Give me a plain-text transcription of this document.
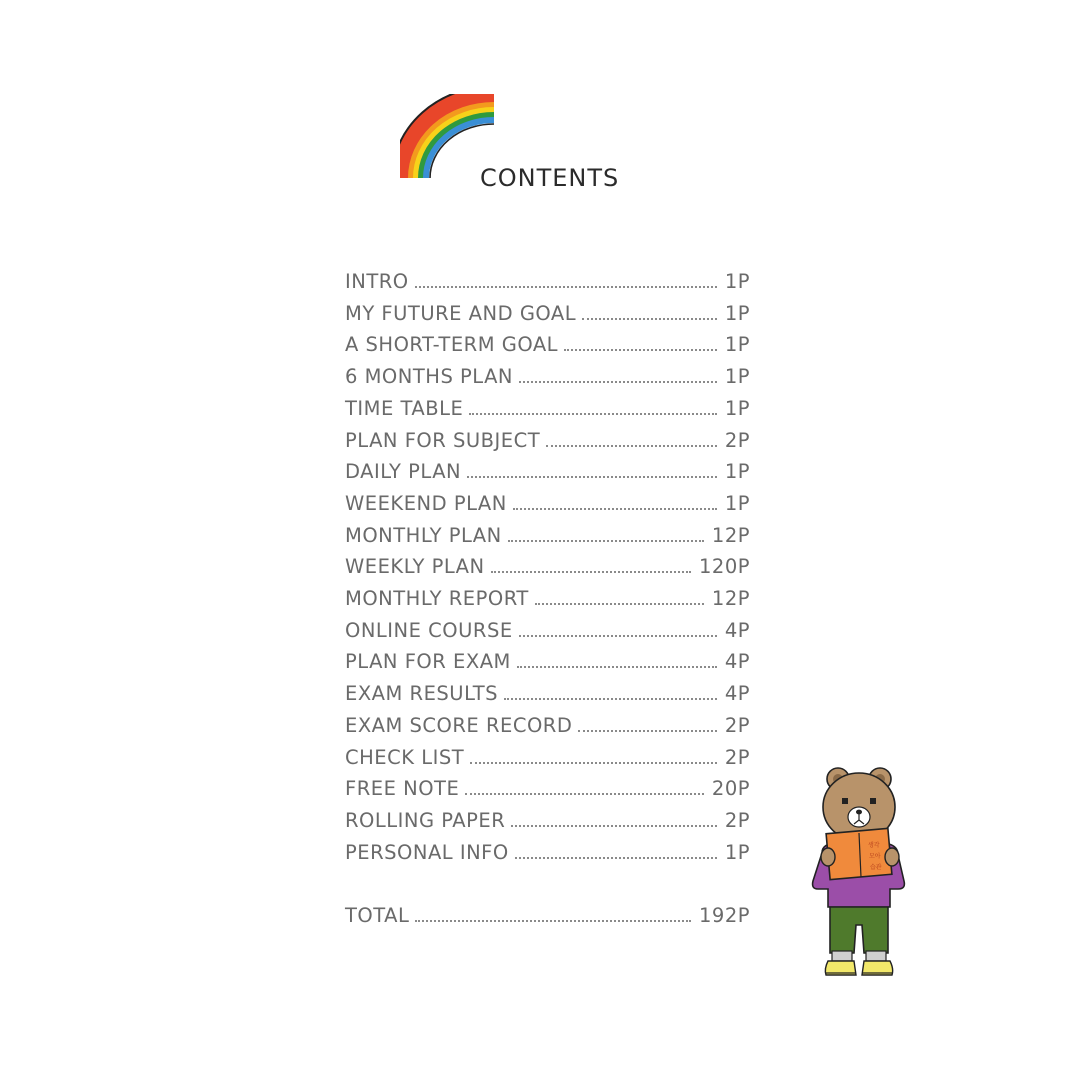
CONTENTS
INTRO	1P
MY FUTURE AND GOAL	1P
A SHORT-TERM GOAL	1P
6 MONTHS PLAN	1P
TIME TABLE	1P
PLAN FOR SUBJECT	2P
DAILY PLAN	1P
WEEKEND PLAN	1P
MONTHLY PLAN	12P
WEEKLY PLAN	120P
MONTHLY REPORT	12P
ONLINE COURSE	4P
PLAN FOR EXAM	4P
EXAM RESULTS	4P
EXAM SCORE RECORD	2P
CHECK LIST	2P
FREE NOTE	20P
ROLLING PAPER	2P
PERSONAL INFO	1P
TOTAL	192P
생각
모아
습관
